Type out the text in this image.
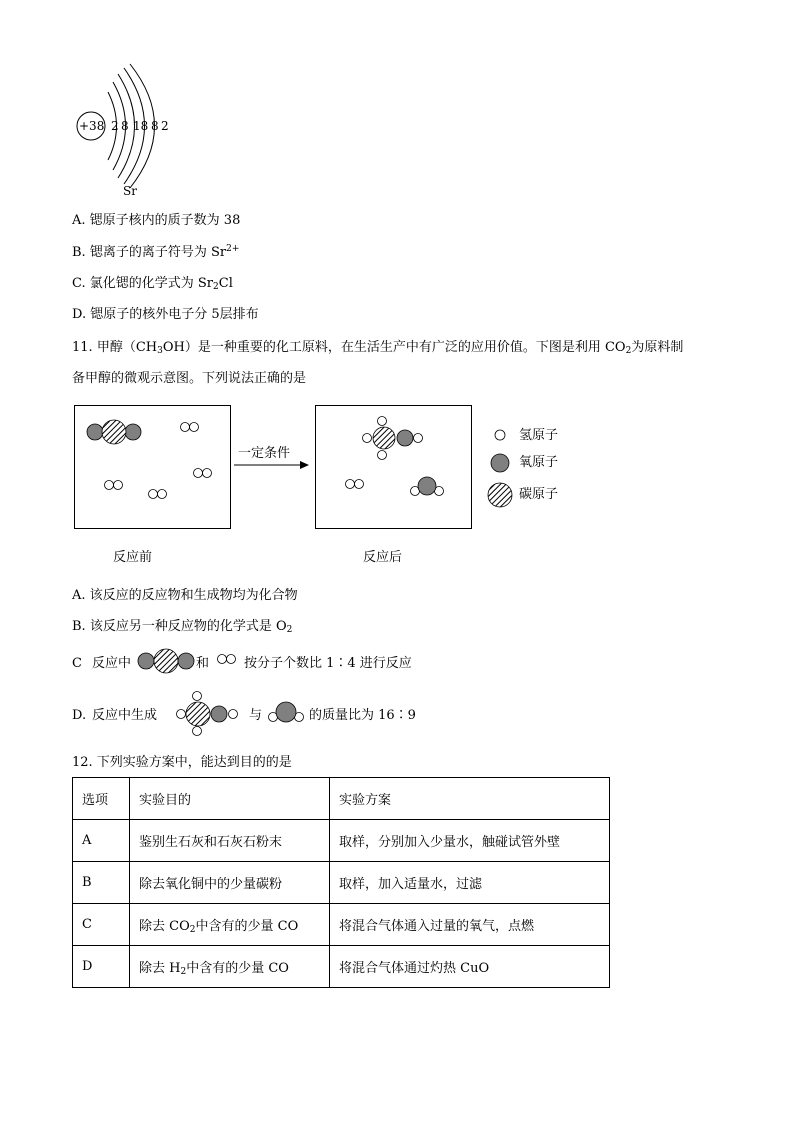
+38 2 8 18 8 2
Sr
A. 锶原子核内的质子数为 38
B. 锶离子的离子符号为 $Sr^{2+}$
C. 氯化锶的化学式为 $Sr_2Cl$
D. 锶原子的核外电子分 5层排布
11. 甲醇$(CH_3OH)$是一种重要的化工原料，在生活生产中有广泛的应用价值。下图是利用 $CO_2$为原料制
备甲醇的微观示意图。下列说法正确的是
一定条件
氢原子
氧原子
碳原子
反应前	反应后
A. 该反应的反应物和生成物均为化合物
B. 该反应另一种反应物的化学式是 $O_2$
C 反应中	和	按分子个数比 1∶4 进行反应
D. 反应中生成	与	的质量比为 16∶9
12. 下列实验方案中，能达到目的的是
选项	实验目的	实验方案
A	鉴别生石灰和石灰石粉末	取样，分别加入少量水，触碰试管外壁
B	除去氧化铜中的少量碳粉	取样，加入适量水，过滤
C	除去 $CO_2$中含有的少量 CO	将混合气体通入过量的氧气，点燃
D	除去 $H_2$中含有的少量 CO	将混合气体通过灼热 CuO
